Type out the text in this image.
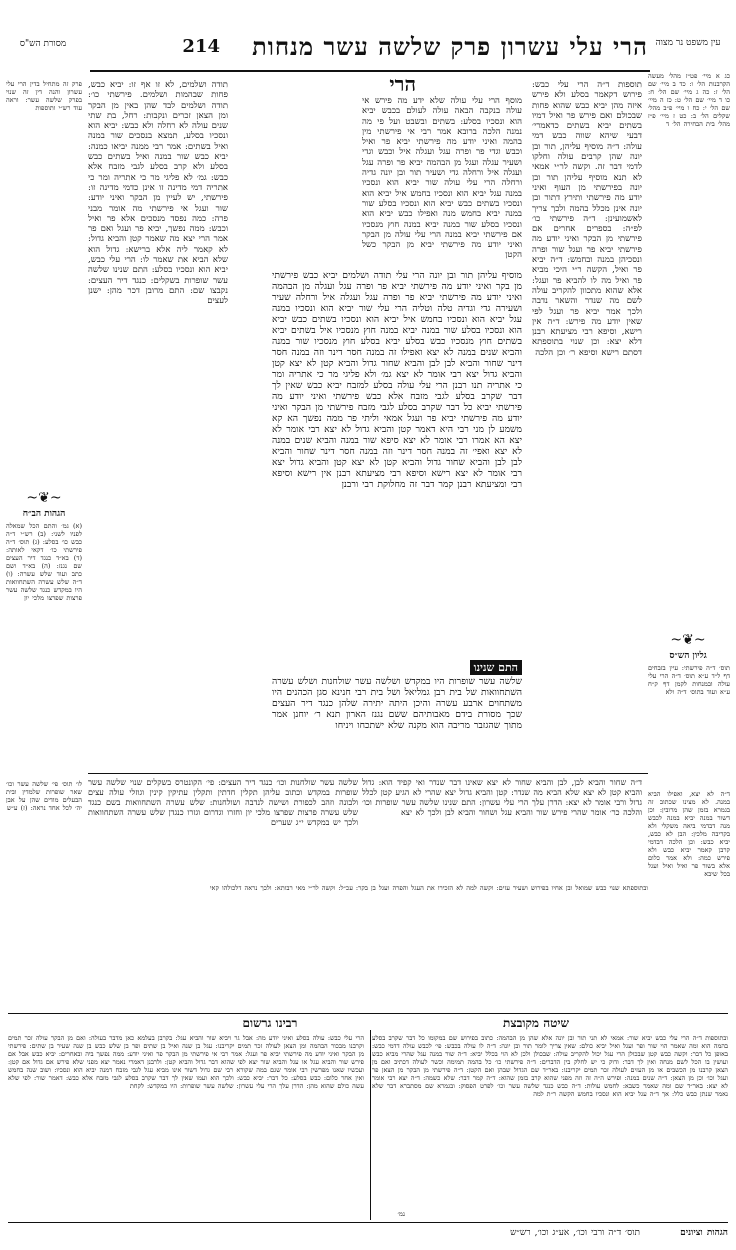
עין משפט נר מצוה
מסורת הש"ס	214 הרי עלי עשרון פרק שלשה עשר מנחות
כג א מיי׳ פט״ז מהל׳ מעשה הקרבנות הל׳ ו: כד ב מיי׳ שם הל׳ ז: כה ג מיי׳ שם הל׳ ח: כו ד מיי׳ שם הל׳ ט: כז ה מיי׳ שם הל׳ י: כח ו מיי׳ פ״ב מהל׳ שקלים הל׳ ב: כט ז מיי׳ פ״ז מהל׳ בית הבחירה הל׳ ד
תוספות ד״ה הרי עלי כבש: פירוש דקאמר בסלע ולא פירש איזה מהן יביא כבש שהוא פחות שבכולם ואם פירש פר ואיל דמיו בשתים יביא בשתים כדאמרי׳ דבעי שיהא שווה כבש דמי עולה: ד״ה מוסיף עליהן, תור ובן יונה שהן קרבים עולה וחלקו לדמי דבר זה. וקשה לר״י אמאי לא תנא מוסיף עליהן תור ובן יונה בפירשתי מן העוף ואיני יודע מה פירשתי ותירץ דתור ובן יונה אינן מכלל בהמה ולכך צריך לאשמועינן: ד״ה פירשתי כו׳ לפ״ה: בספרים אחרים אם פירשתי מן הבקר ואיני יודע מה פירשתי יביא פר ועגל שור ופרה ונסכיהן במנה ובחמש: ד״ה יביא פר ואיל, הקשה ר״י היכי מביא פר ואיל מה לו להביא פר ועגל: אלא שהוא מתכוון להקריב עולה לשם מה שנדר והשאר נדבה ולכך אמר יביא פר ועגל לפי שאין יודע מה פירש: ד״ה אין רישא, וסיפא רבי מציעתא רבנן דלא יצא: וכן שנוי בתוספתא דסתם רישא וסיפא ר׳ וכן הלכה
~❦~
גליון הש״ס
תוס׳ ד״ה פירשתי: עיין בזבחים דף ל״ד ע״א תוס׳ ד״ה הרי עלי עולה ובמנחות לקמן דף ק״ח ע״א ועוד בתוס׳ ד״ה ולא
הרי
מוסף הרי עלי עולה שלא ידע מה פירש אי עולה בנקבה הבאה עולה לעולם בכבש יביא הוא ונסכיו בסלע: בשתים ובשבט ועל פי מה נמנה הלכה ברובא אמר רבי אי פירשתי מין בהמה ואיני יודע מה פירשתי יביא פר ואיל וכבש וגדי פר ופרה עגל ועגלה איל וכבש וגדי ושעיר עגלה ועגל מן הבהמה יביא פר ופרה עגל ועגלה איל ורחלה גדי ושעיר תור ובן יונה גדיה ורחלה הרי עלי עולה שור יביא הוא ונסכיו במנה עגל יביא הוא ונסכיו בחמש איל יביא הוא ונסכיו בשתים כבש יביא הוא ונסכיו בסלע שור במנה יביא בחמש מנה ואפילו כבש יביא הוא ונסכיו בסלע שור במנה יביא במנה חוץ מנסכיו אם פירשתי יביא במנה הרי עלי עולה מן הבקר ואיני יודע מה פירשתי יביא מן הבקר כשל הקטן
מוסיף עליהן תור ובן יונה הרי עלי תודה ושלמים יביא כבש פירשתי מן בקר ואיני יודע מה פירשתי יביא פר ופרה עגל ועגלה מן הבהמה ואיני יודע מה פירשתי יביא פר ופרה עגל ועגלה איל ורחלה שעיר ושעירה גדי וגדיה טלה וטליה הרי עלי שור יביא הוא ונסכיו במנה עגל יביא הוא ונסכיו בחמש איל יביא הוא ונסכיו בשתים כבש יביא הוא ונסכיו בסלע שור במנה יביא במנה חוץ מנסכיו איל בשתים יביא בשתים חוץ מנסכיו כבש בסלע יביא בסלע חוץ מנסכיו שור במנה והביא שנים במנה לא יצא ואפילו זה במנה חסר דינר וזה במנה חסר דינר שחור והביא לבן לבן והביא שחור גדול והביא קטן לא יצא קטן והביא גדול יצא רבי אומר לא יצא גמ׳ ולא פליגי מר כי אתריה ומר כי אתריה תנו רבנן הרי עלי עולה בסלע למזבח יביא כבש שאין לך דבר שקרב בסלע לגבי מזבח אלא כבש פירשתי ואיני יודע מה פירשתי יביא כל דבר שקרב בסלע לגבי מזבח פירשתי מן הבקר ואיני יודע מה פירשתי יביא פר ועגל אמאי וליתי פר ממה נפשך הא קא משמע לן מני רבי היא דאמר קטן והביא גדול לא יצא רבי אומר לא יצא הא אמרו רבי אומר לא יצא סיפא שור במנה והביא שנים במנה לא יצא ואפי׳ זה במנה חסר דינר וזה במנה חסר דינר שחור והביא לבן לבן והביא שחור גדול והביא קטן לא יצא קטן והביא גדול יצא רבי אומר לא יצא רישא וסיפא רבי מציעתא רבנן אין רישא וסיפא רבי ומציעתא רבנן קמר דבר זה מחלוקת רבי ורבנן
התם שנינו
שלשה עשר שופרות היו במקדש ושלשה עשר שולחנות ושלש עשרה השתחוואות של בית רבן גמליאל ושל בית רבי חנינא סגן הכהנים היו משתחוים ארבע עשרה והיכן היתה יתירה שלהן כנגד דיר העצים שכך מסורת בידם מאבותיהם ששם נגנז הארון תנא ר׳ יוחנן אמר מתוך שהגזבר מריבה הוא מקנה שלא ישתכחו ויניחו
תודה ושלמים, לא זו אף זו: יביא כבש, פחות שבהמות ושלמים. פירשתי כו׳: תודה ושלמים לבד שהן באין מן הבקר ומן הצאן זכרים ונקבות: רחל, בת שתי שנים עולה לא רחלה ולא כבש: יביא הוא ונסכיו בסלע, תמצא בנסכים שור במנה ואיל בשתים: אמר רבי ממנה יביאו כמנה: יביא כבש שור במנה ואיל בשתים כבש בסלע ולא קרב בסלע לגבי מזבח אלא כבש: גמ׳ לא פליגי מר כי אתריה ומר כי אתריה דמי מדינה זו אינן כדמי מדינה זו: פירשתי, יש לעיין מן הבקר ואיני יודע: שור ועגל אי פירשתי מה אומר מבני פרה: כמה נפסד מנסכים אלא פר ואיל וכבש: ממה נפשך, יביא פר ועגל ואם פר אמר הרי יצא מה שאמר קטן והביא גדול: לא קאמר ליה אלא ברישא: גדול הוא שלא הביא את שאמר לו: הרי עלי כבש, יביא הוא ונסכיו בסלע: התם שנינו שלשה עשר שופרות בשקלים: כנגד דיר העצים: נקבצו שם: התם מרובן דכר מהן: ישנן לעצים
פרק זה מתחיל בדין הרי עלי עשרון והנה דין זה שנוי בפרק שלשה עשר: וראה עוד רש״י ותוספות
~❦~
הגהות הב״ח
(א) גמ׳ והתם הכל שמאלה לפניו לשני: (ב) רש״י ד״ה כבש כו׳ בסלע: (ג) תוס׳ ד״ה פירשתי כו׳ דקאי לאותה: (ד) בא״ד כנגד דיר העצים שם נגנז: (ה) בא״ד ושם כתב ועוד שלש עשרה: (ו) ד״ה שלש עשרה השתחוואות היו במקדש כנגד שלשה עשר פרצות שפרצו מלכי יון
לו׳ תוס׳ פי׳ שלשה עשר וכו׳ שאר שופרות שלמדין ובית הבעלים מודים שהן על אבן יה׳ לכל אחד נראה: (ז) ע״ש
ד״ה לא יצא, ואפילו הביא במנה. לא מצינו שכתוב זה בגמרא בזמן שהן מרובין: וכן דשור במנה יביא במנה לכבש מנה דבדמי ביאה משקלי ולא בקריבה מלכין: הבן לא כבש, יביא כבש: וכן הלכה דבדמי קרבן קאמר יביא כבש ולא פירש כמה: ולא אמר כלום אלא בשור פר ואיל ואיל ועגל בכל שיבא
ד״ה שחור והביא לבן, לבן והביא שחור לא יצא שאינו דבר שנדר ואי קפיד הוא: גדול והביא קטן לא יצא שלא הביא מה שנדר: קטן והביא גדול יצא שהרי לא הגיע קטן לכלל גדול ורבי אומר לא יצא: הדרן עלך הרי עלי עשרון: התם שנינו שלשה עשר שופרות וכו׳ והלכה כר׳ אומר שהרי פירש שור והביא עגל ושחור והביא לבן ולכך לא יצא
שלשה עשר שולחנות וכו׳ כנגד דיר העצים: פי׳ הקונטרס בשקלים שנוי שלשה עשר שופרות במקדש וכתוב עליהן תקלין חדתין ותקלין עתיקין קינין וגוזלי עולה עצים ולבונה וזהב לכפורת ושישה לנדבה ושולחנות: שלש עשרה השתחוואות בשם כנגד שלש עשרה פרצות שפרצו מלכי יון וחזרו וגדרום וגזרו כנגדן שלש עשרה השתחוואות ולכך יש במקדש י״ג שערים
ובתוספתא שנוי כבש שמואל ובן אחיו בפירוש ושעיר עזים: וקשה למה לא הזכירו את העגל והפרה ועגל בן בקר: עכ״ל: וקשה לר״י מאי רבותא: ולכך נראה דלכולהו קאי
שיטה מקובצת
רבינו גרשום
ובתוספות ד״ה הרי עלי כבש יביא שור: אמאי לא תני תור ובן יונה אלא שהן מן הבהמה: כתוב בפירוש שם במקומו כל דבר שקרב בסלע בהמה הוא ומה שאמר הוי שור ופר ועגל ואיל יביא כולם: שאין צריך לומר תור ובן יונה: ד״ה לו עולה בכבש: פי׳ לכבש עולה דדמי כבש: באופן כל דבר: וקשה כבש קטן שבכולן הרי עגל יכול להקריב עולה: שבכולן ולכן לא הוי בכלל יביא: ד״ה שור במנה עגל שהרי מביא כבש ועושין בו הכל לשם מנחה ואין לך דבר: ודוק כי יש לחלק בין הדברים: ד״ה פירשתי כו׳ כל בהמה תמימה וכשר לעולה דכתיב ואם מן הצאן קרבנו מן הכשבים או מן העזים לעולה זכר תמים יקריבנו: באר״ד שם הגדול שבהן ואם הקטן: ד״ה פירשתי מן הבקר מן הצאן פר ועגל וכו׳ וכן מן הצאן: ד״ה שנים במנה: ופירש ה״ה זה וזה מפני שהוא קרב בזמן שהוא: ד״ה קמר דבר: שלא כשמה: ד״ה יצא רבי אומר לא יצא: באר״ד שם ומה שאמר כשבא: לחמש עולות: ד״ה כבש כנגד שלשה עשר וכו׳ לפרט הפסוק: ובגמרא שם מסתברא דבר שלא נאמר שנתן כבש כלל: אך ד״ה עגל יביא הוא ונסכיו בחמש הקשה ר״ת למה
הרי עלי כבש: עולה בסלע ואיני יודע מה: אבל גר ויביא שור והביא עגל: בקרבן בעלמא כאן מדבר בעולה: ואם מן הבקר עולה זכר תמים וקרבנו מבכור הבהמה ומן הצאן לעולה זכר תמים יקריבנו: עגל בן שנה ואיל בן שתים ופר בן שלש כבש בן שנה שעיר בן שתים: פירשתי מן הבקר ואיני יודע מה פירשתי יביא פר ועגל: אמר רבי אי פירשתי מן הבקר פר ואיני יודע: ממה נפשך ביה ובאחרים: יביא כבש אבל אם פירש שור והביא עגל או עגל והביא שור יצא לפי שהוא דבר גדול והביא קטן: ולרבנן דאמרי נאמר יצא מפני שלא פירש אם גדול אם קטן: ועכשיו שאנו מפרשין רבי אומר שגם במה שקורא רבי שם גדול דשור אינו מביא עגל לגבי מזבח דמנה יביא הוא ונסכיו: ושוב שנה בחמש ואין אחר כלום: כבש בסלע: כל דבר: יביא כבש: ולכך הוא ועמו שאין לך דבר שקרב בסלע לגבי מזבח אלא כבש: דאמר שור: לפי שלא עשה כולם שהוא מהן: הדרן עלך הרי עלי עשרון: שלשה עשר שופרות: היו במקדש: לקחת
נמ׳
הגהות וציונים
תוס׳ ד״ה ורבי וכו׳, אע״ג וכו׳, רש״ש
